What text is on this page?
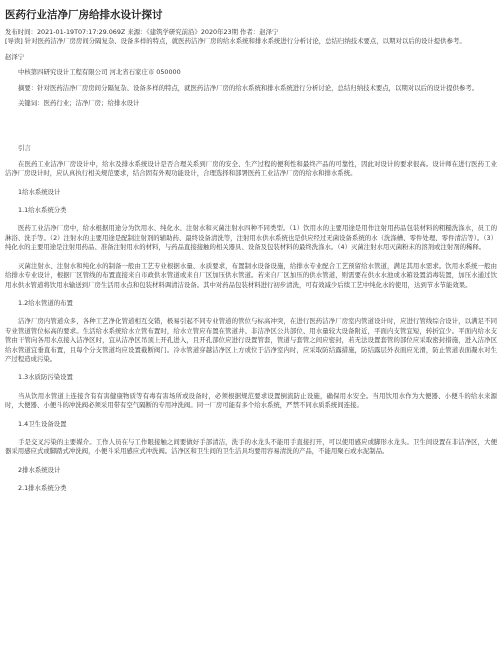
医药行业洁净厂房给排水设计探讨
发布时间：2021-01-19T07:17:29.069Z 来源：《建筑学研究前沿》2020年23期 作者：赵泽宁
[导读] 针对医药洁净厂房房间分隔复杂、设备多样的特点，就医药洁净厂房的给水系统和排水系统进行分析讨论，总结归纳技术要点，以期对以后的设计提供参考。
赵泽宁
中核第四研究设计工程有限公司 河北省石家庄市 050000
摘要：针对医药洁净厂房房间分隔复杂、设备多样的特点，就医药洁净厂房的给水系统和排水系统进行分析讨论，总结归纳技术要点，以期对以后的设计提供参考。
关键词：医药行业；洁净厂房；给排水设计
引言
在医药工业洁净厂房设计中，给水及排水系统设计是否合理关系到厂房的安全、生产过程的便利性和最终产品的可靠性，因此对设计的要求很高。设计师在进行医药工业洁净厂房设计时，应认真执行相关规范要求，结合固有外观功能设计，合理选择和部署医药工业洁净厂房的给水和排水系统。
1给水系统设计
1.1给水系统分类
医药工业洁净厂房中，给水根据用途分为饮用水、纯化水、注射水和灭菌注射水四种不同类型。（1）饮用水的主要用途是用作注射用药品包装材料的粗糙洗涤水，员工的淋浴、洗手等。（2）注射水的主要用途是配制注射剂的辅助药、最终设备清洗等，注射用水供水系统也是供应经过无菌设备系统的水（洗涤槽、零件处理、零件清洁等）。（3）纯化水的主要用途是注射用药品、准备注射用水的材料，与药品直接接触的相关器具、设备及包装材料的最终洗涤水。（4）灭菌注射水用灭菌粉末的溶剂或注射剂的稀释。
灭菌注射水、注射水和纯化水的制备一般由工艺专业根据水量、水质要求，布置制水设备设施，给排水专业配合工艺预留给水管道，满足其用水需求。饮用水系统一般由给排水专业设计，根据厂区管线的布置直接来自市政供水管道或来自厂区加压供水管道。若来自厂区加压的供水管道，则需要在供水水池或水箱设置消毒装置，加压水通过饮用水供水管道将饮用水输送到厂房生活用水点和包装材料调清洁设备。其中对药品包装材料进行初步清洗，可有效减少后续工艺中纯化水的使用，达到节水节能效果。
1.2给水管道的布置
洁净厂房内管道众多，各种工艺净化管道相互交错，极易引起不同专业管道的管位与标高冲突，在进行医药洁净厂房室内管道设计时，应进行管线综合设计，以满足不同专业管道管位标高的要求。生活给水系统给水立管布置时，给水立管应布置在管道井、非洁净区公共部位、用水量较大设备附近，平面内支管宜短，转折宜少。平面内给水支管由干管向各用水点接入洁净区时，宜从洁净区吊顶上开孔进入，且开孔部位应进行设置管套，管道与套管之间应密封，若无法设置套管的部位应采取密封措施，进入洁净区给水管道宜垂直布置，且每个分支管道均应设置截断阀门。冷水管道穿越洁净区上方或位于洁净室内时，应采取防结露措施，防结露层外表面应光滑，防止管道表面凝水对生产过程造成污染。
1.3水质防污染设置
当从饮用水管道上连接含有有害健康物质等有毒有害场所或设备时，必须根据规范要求设置倒流防止设施，确保用水安全。当用饮用水作为大便器、小便斗的给水来源时，大便器、小便斗的冲洗阀必须采用带有空气隔断的专用冲洗阀。同一厂房可能有多个给水系统，严禁不同水质系统间连接。
1.4卫生设备设置
手是交叉污染的主要媒介。工作人员在与工作眼接触之间要做好手部清洁，洗手的水龙头不能用手直接打开，可以使用感应或脚形水龙头。卫生间设置在非洁净区，大便器采用感应式或脚踏式冲洗阀，小便斗采用感应式冲洗阀。洁净区和卫生间的卫生洁具均要用容易清洗的产品，不能用聚石或水泥制品。
2排水系统设计
2.1排水系统分类
